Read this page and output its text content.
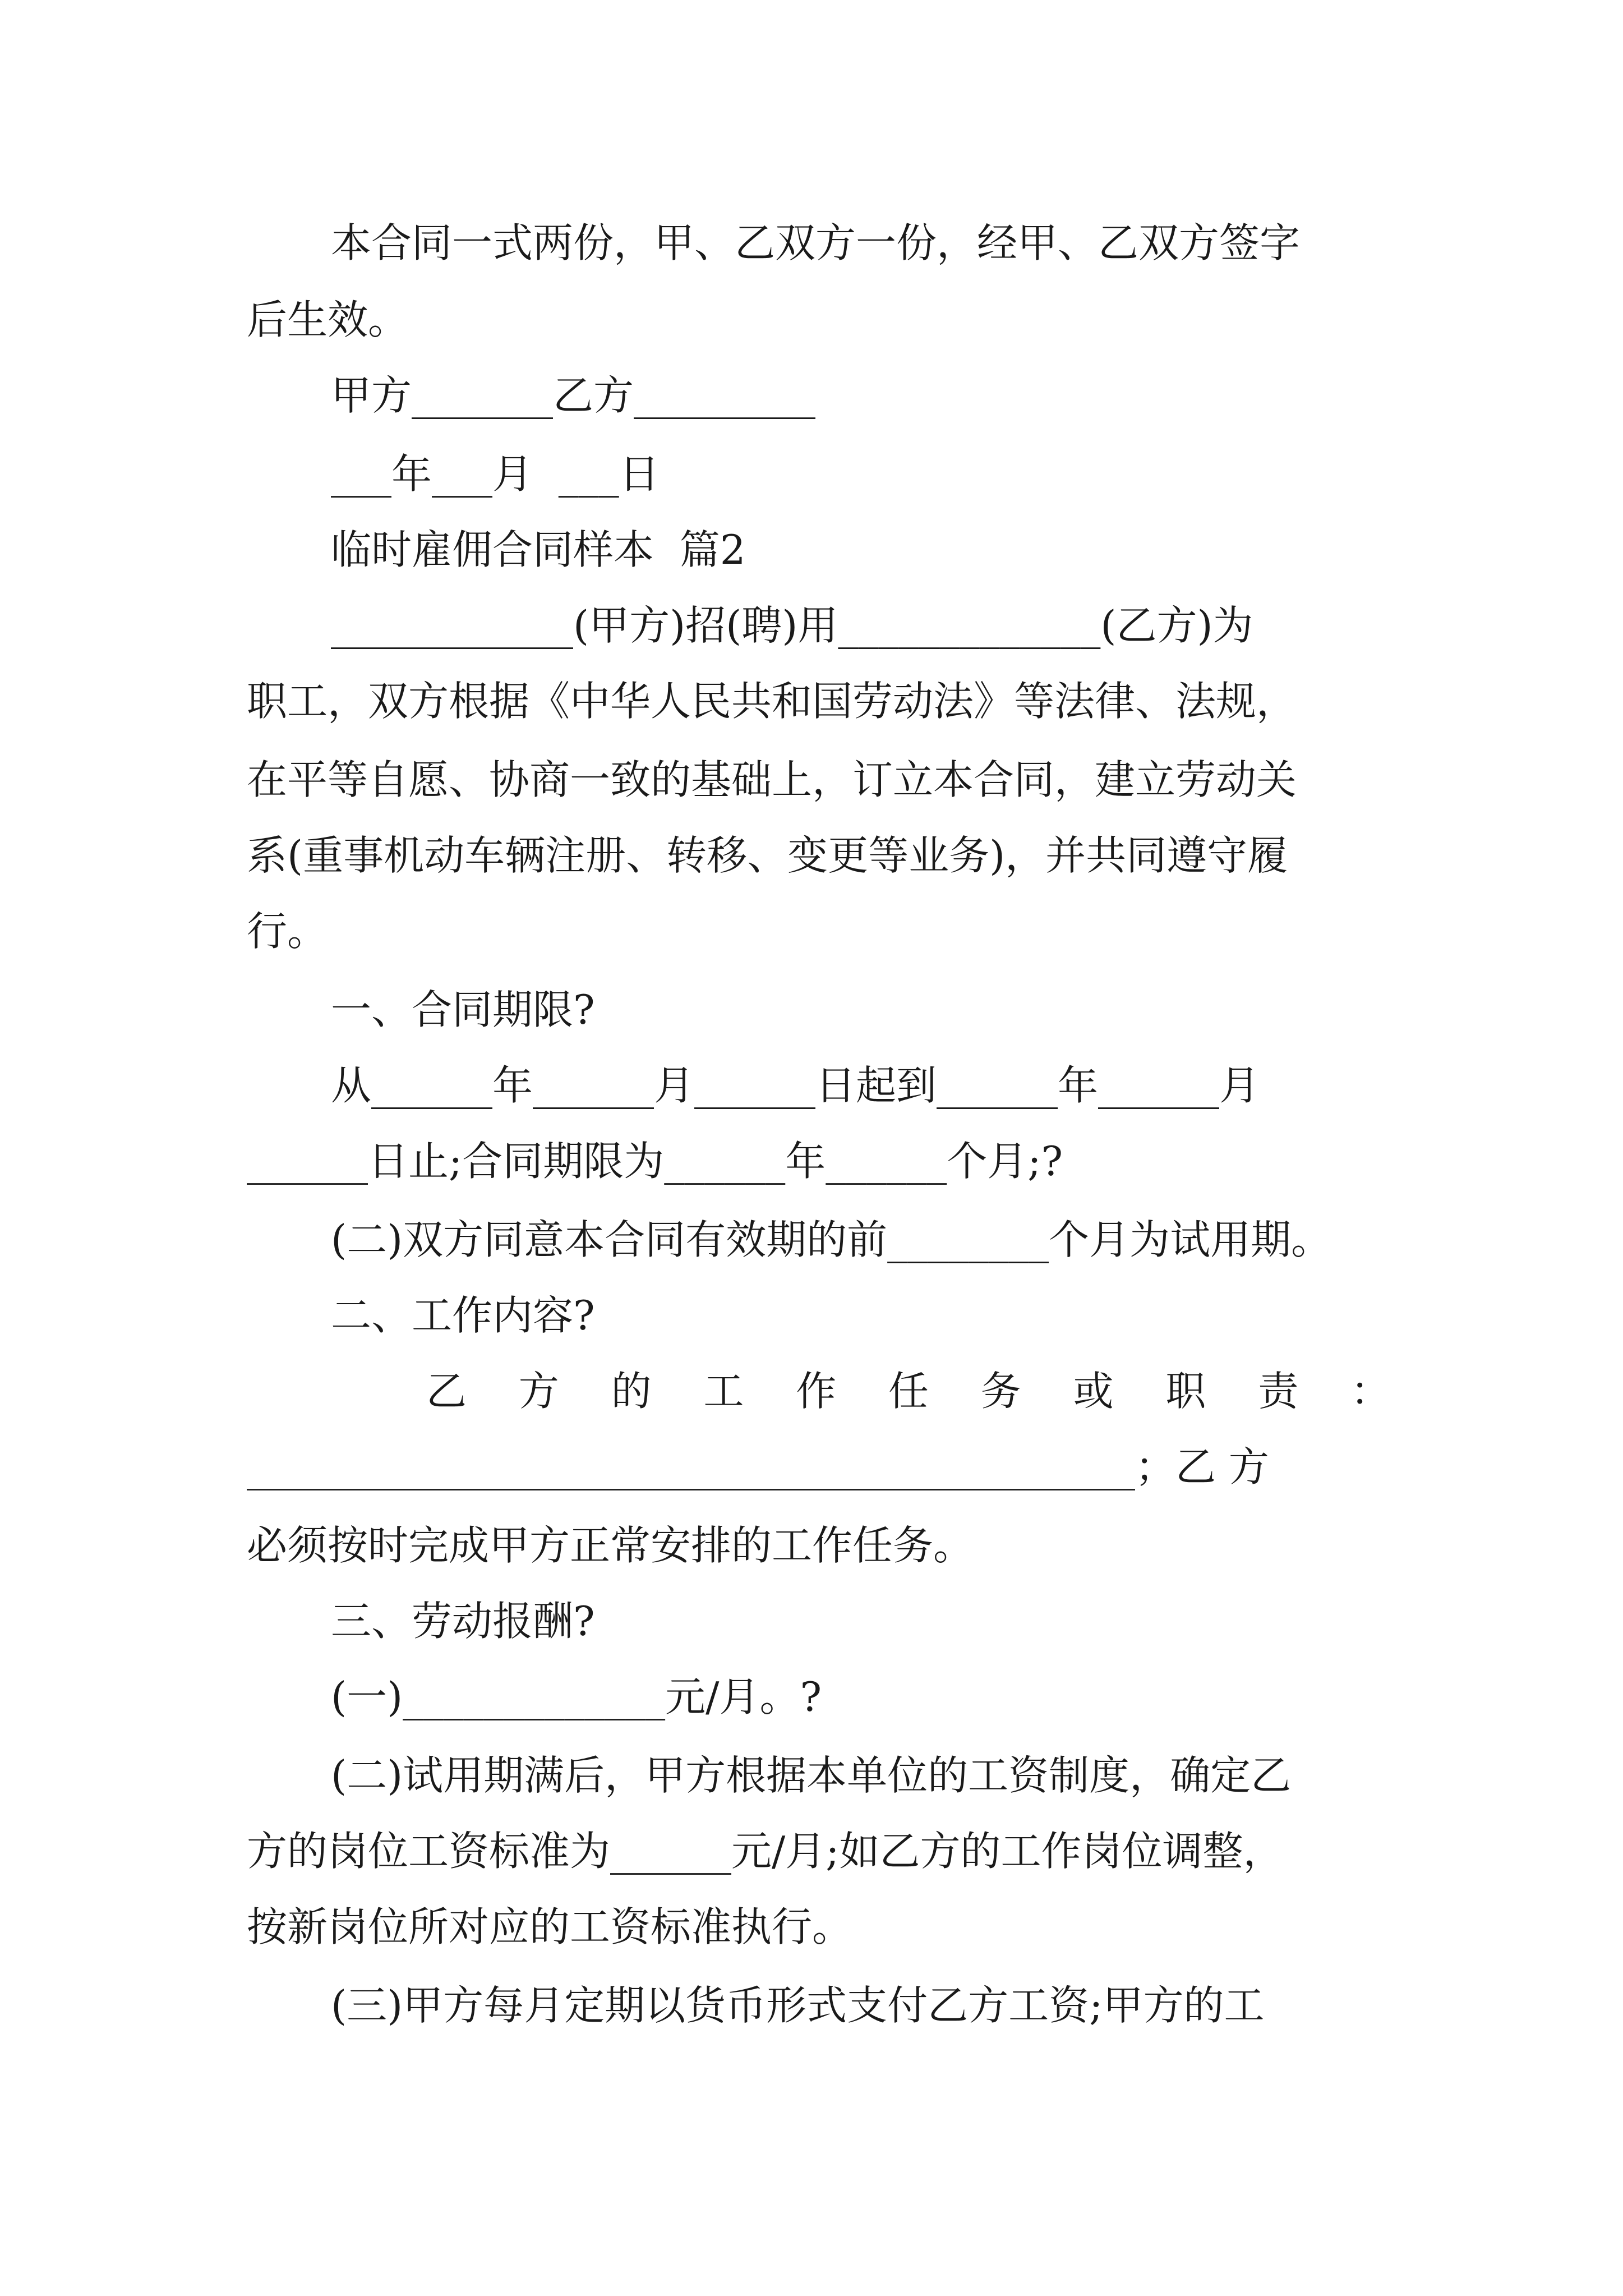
本合同一式两份，甲、乙双方一份，经甲、乙双方签字
后生效。
甲方_______乙方_________
___年___月  ___日
临时雇佣合同样本  篇2
____________(甲方)招(聘)用_____________(乙方)为
职工，双方根据《中华人民共和国劳动法》等法律、法规，
在平等自愿、协商一致的基础上，订立本合同，建立劳动关
系(重事机动车辆注册、转移、变更等业务)，并共同遵守履
行。
一、合同期限?
从______年______月______日起到______年______月
______日止;合同期限为______年______个月;?
(二)双方同意本合同有效期的前________个月为试用期。
二、工作内容?
乙 方 的 工 作 任 务 或 职 责 ：
____________________________________________；乙 方
必须按时完成甲方正常安排的工作任务。
三、劳动报酬?
(一)_____________元/月。?
(二)试用期满后，甲方根据本单位的工资制度，确定乙
方的岗位工资标准为______元/月;如乙方的工作岗位调整，
按新岗位所对应的工资标准执行。
(三)甲方每月定期以货币形式支付乙方工资;甲方的工
